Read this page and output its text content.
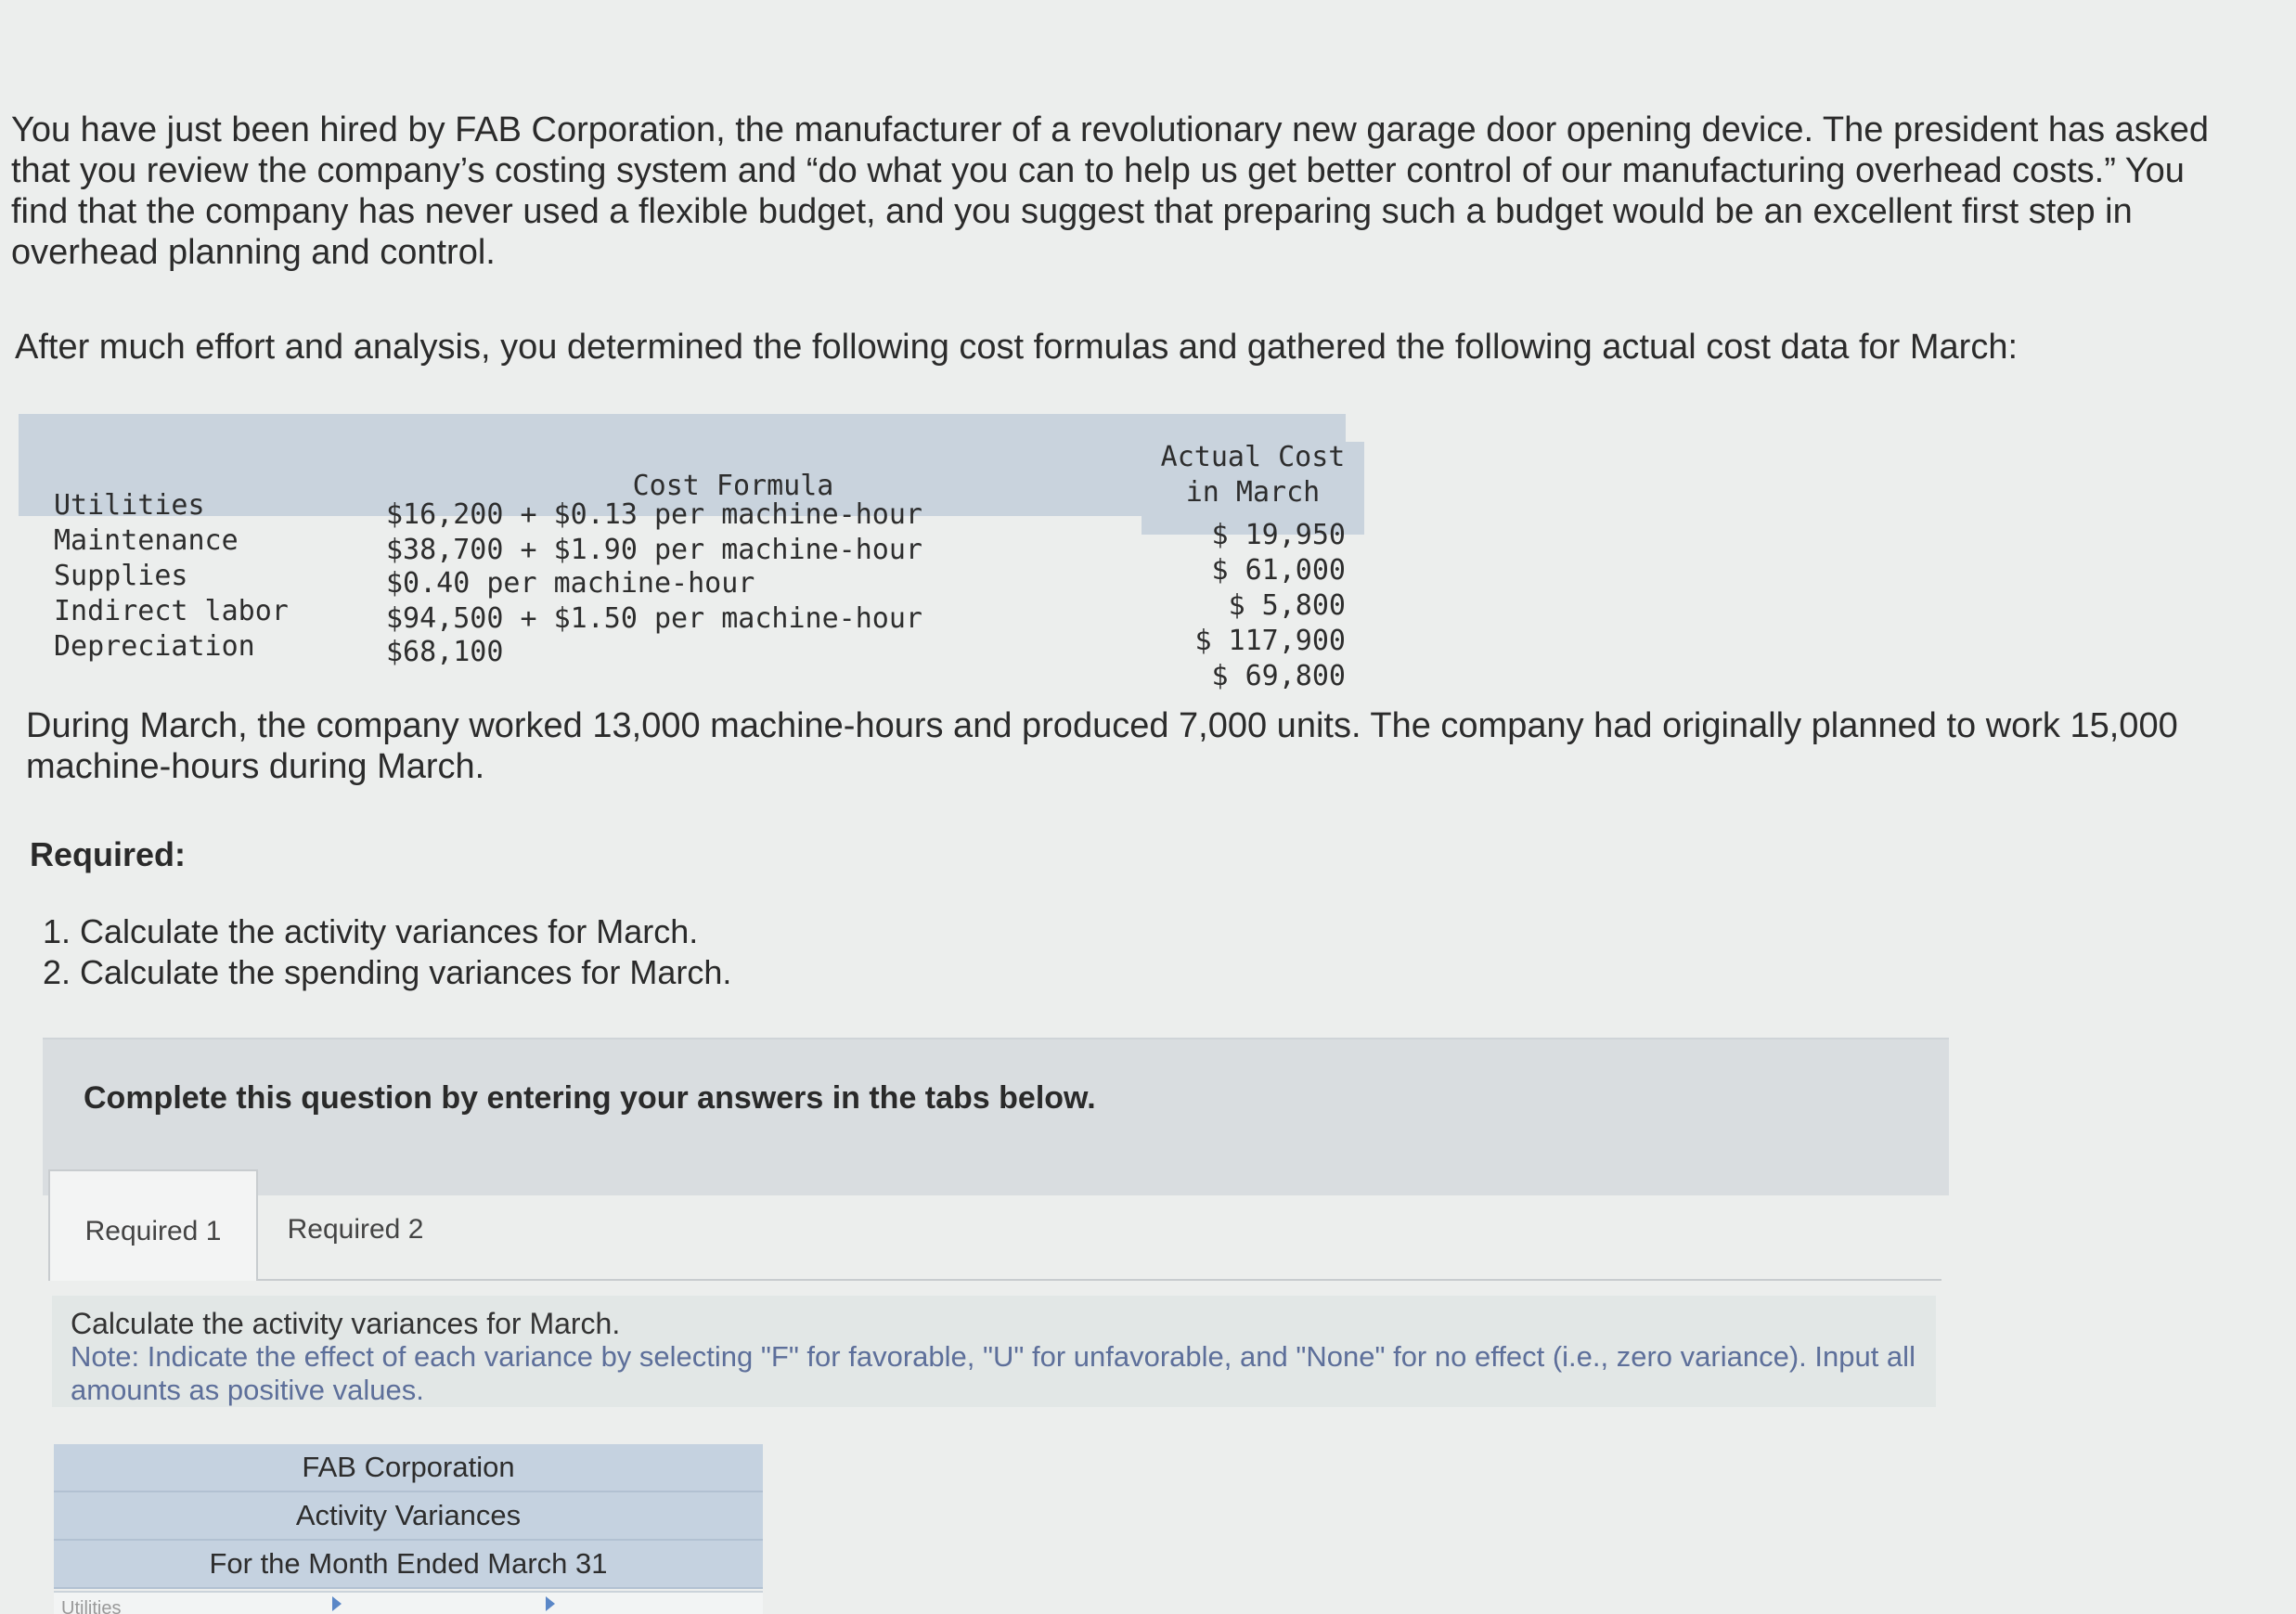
You have just been hired by FAB Corporation, the manufacturer of a revolutionary new garage door opening device. The president has asked that you review the company’s costing system and “do what you can to help us get better control of our manufacturing overhead costs.” You find that the company has never used a flexible budget, and you suggest that preparing such a budget would be an excellent first step in overhead planning and control.
After much effort and analysis, you determined the following cost formulas and gathered the following actual cost data for March:
Cost Formula
Actual Cost
in March
Utilities
Maintenance
Supplies
Indirect labor
Depreciation
$16,200 + $0.13 per machine-hour
$38,700 + $1.90 per machine-hour
$0.40 per machine-hour
$94,500 + $1.50 per machine-hour
$68,100
$ 19,950
$ 61,000
$ 5,800
$ 117,900
$ 69,800
During March, the company worked 13,000 machine-hours and produced 7,000 units. The company had originally planned to work 15,000 machine-hours during March.
Required:
1. Calculate the activity variances for March.
2. Calculate the spending variances for March.
Complete this question by entering your answers in the tabs below.
Required 1	Required 2
Calculate the activity variances for March.
Note: Indicate the effect of each variance by selecting "F" for favorable, "U" for unfavorable, and "None" for no effect (i.e., zero variance). Input all amounts as positive values.
FAB Corporation
Activity Variances
For the Month Ended March 31
Utilities
